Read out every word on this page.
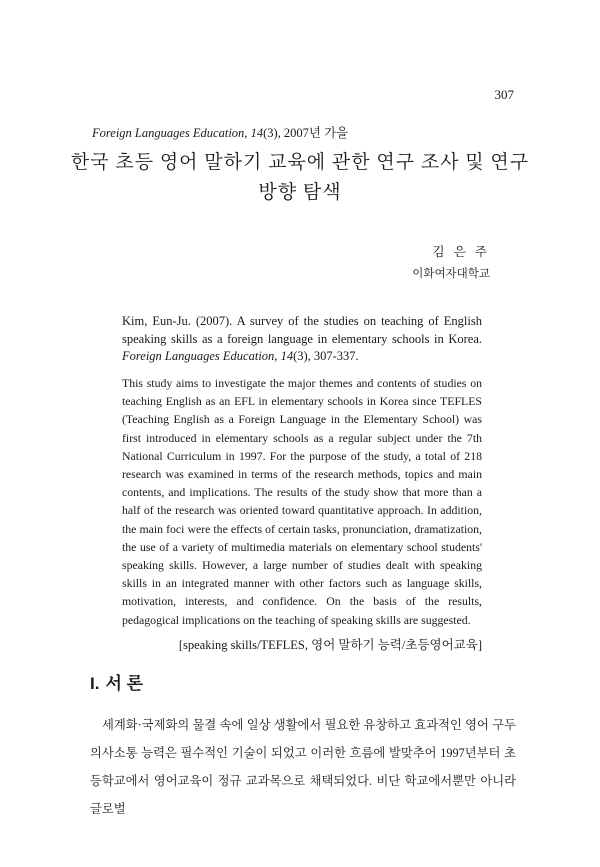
307
Foreign Languages Education, 14(3), 2007년 가을
한국 초등 영어 말하기 교육에 관한 연구 조사 및 연구
방향 탐색
김 은 주
이화여자대학교
Kim, Eun-Ju. (2007). A survey of the studies on teaching of English speaking skills as a foreign language in elementary schools in Korea. Foreign Languages Education, 14(3), 307-337.
This study aims to investigate the major themes and contents of studies on teaching English as an EFL in elementary schools in Korea since TEFLES (Teaching English as a Foreign Language in the Elementary School) was first introduced in elementary schools as a regular subject under the 7th National Curriculum in 1997. For the purpose of the study, a total of 218 research was examined in terms of the research methods, topics and main contents, and implications. The results of the study show that more than a half of the research was oriented toward quantitative approach. In addition, the main foci were the effects of certain tasks, pronunciation, dramatization, the use of a variety of multimedia materials on elementary school students' speaking skills. However, a large number of studies dealt with speaking skills in an integrated manner with other factors such as language skills, motivation, interests, and confidence. On the basis of the results, pedagogical implications on the teaching of speaking skills are suggested.
[speaking skills/TEFLES, 영어 말하기 능력/초등영어교육]
I. 서 론

세계화·국제화의 물결 속에 일상 생활에서 필요한 유창하고 효과적인 영어 구두 의사소통 능력은 필수적인 기술이 되었고 이러한 흐름에 발맞추어 1997년부터 초등학교에서 영어교육이 정규 교과목으로 채택되었다. 비단 학교에서뿐만 아니라 글로벌
